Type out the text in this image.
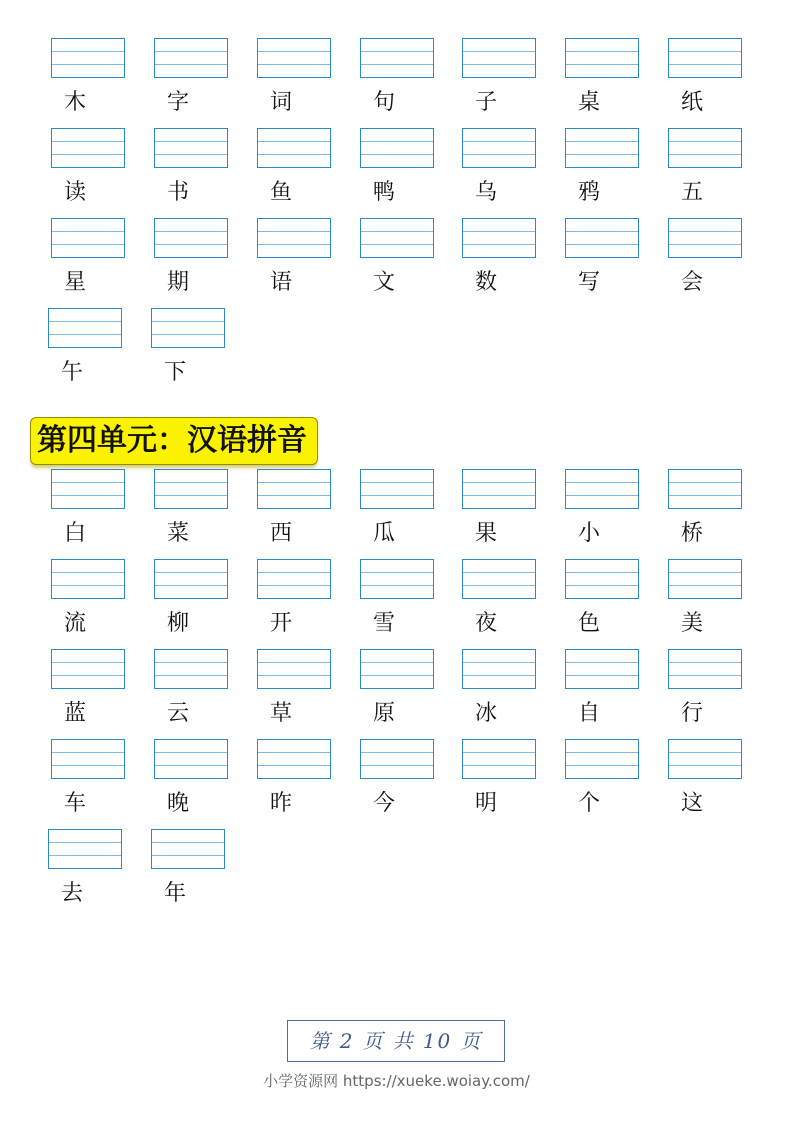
木	字	词	句	子	桌	纸
读	书	鱼	鸭	乌	鸦	五
星	期	语	文	数	写	会
午	下
第四单元：汉语拼音
白	菜	西	瓜	果	小	桥
流	柳	开	雪	夜	色	美
蓝	云	草	原	冰	自	行
车	晚	昨	今	明	个	这
去	年
第 2 页 共 10 页
小学资源网 https://xueke.woiay.com/
